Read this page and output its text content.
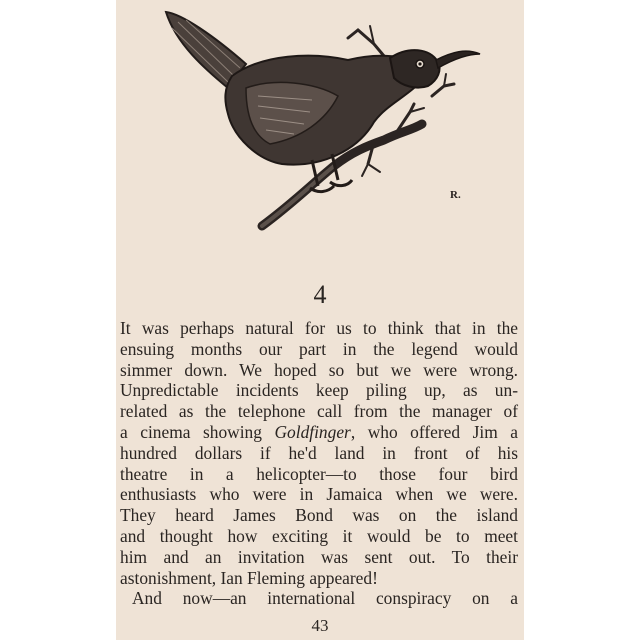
R.
4
It was perhaps natural for us to think that in the
ensuing months our part in the legend would
simmer down. We hoped so but we were wrong.
Unpredictable incidents keep piling up, as un-
related as the telephone call from the manager of
a cinema showing Goldfinger, who offered Jim a
hundred dollars if he'd land in front of his
theatre in a helicopter—to those four bird
enthusiasts who were in Jamaica when we were.
They heard James Bond was on the island
and thought how exciting it would be to meet
him and an invitation was sent out. To their
astonishment, Ian Fleming appeared!
And now—an international conspiracy on a
43
